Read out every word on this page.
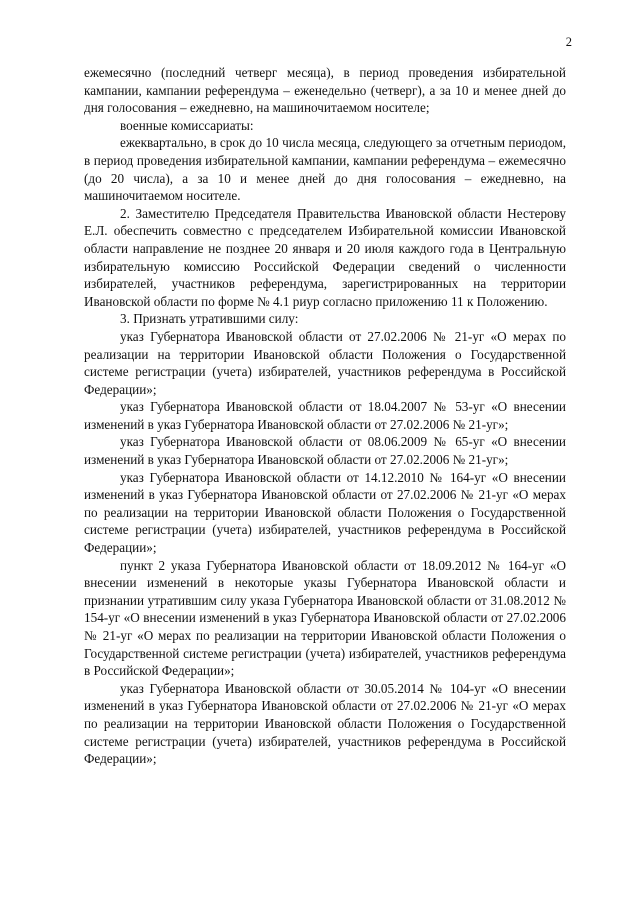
2

ежемесячно (последний четверг месяца), в период проведения избирательной кампании, кампании референдума – еженедельно (четверг), а за 10 и менее дней до дня голосования – ежедневно, на машиночитаемом носителе;

военные комиссариаты:

ежеквартально, в срок до 10 числа месяца, следующего за отчетным периодом, в период проведения избирательной кампании, кампании референдума – ежемесячно (до 20 числа), а за 10 и менее дней до дня голосования – ежедневно, на машиночитаемом носителе.

2. Заместителю Председателя Правительства Ивановской области Нестерову Е.Л. обеспечить совместно с председателем Избирательной комиссии Ивановской области направление не позднее 20 января и 20 июля каждого года в Центральную избирательную комиссию Российской Федерации сведений о численности избирателей, участников референдума, зарегистрированных на территории Ивановской области по форме № 4.1 риур согласно приложению 11 к Положению.

3. Признать утратившими силу:

указ Губернатора Ивановской области от 27.02.2006 № 21-уг «О мерах по реализации на территории Ивановской области Положения о Государственной системе регистрации (учета) избирателей, участников референдума в Российской Федерации»;

указ Губернатора Ивановской области от 18.04.2007 № 53-уг «О внесении изменений в указ Губернатора Ивановской области от 27.02.2006 № 21-уг»;

указ Губернатора Ивановской области от 08.06.2009 № 65-уг «О внесении изменений в указ Губернатора Ивановской области от 27.02.2006 № 21-уг»;

указ Губернатора Ивановской области от 14.12.2010 № 164-уг «О внесении изменений в указ Губернатора Ивановской области от 27.02.2006 № 21-уг «О мерах по реализации на территории Ивановской области Положения о Государственной системе регистрации (учета) избирателей, участников референдума в Российской Федерации»;

пункт 2 указа Губернатора Ивановской области от 18.09.2012 № 164-уг «О внесении изменений в некоторые указы Губернатора Ивановской области и признании утратившим силу указа Губернатора Ивановской области от 31.08.2012 № 154-уг «О внесении изменений в указ Губернатора Ивановской области от 27.02.2006 № 21-уг «О мерах по реализации на территории Ивановской области Положения о Государственной системе регистрации (учета) избирателей, участников референдума в Российской Федерации»;

указ Губернатора Ивановской области от 30.05.2014 № 104-уг «О внесении изменений в указ Губернатора Ивановской области от 27.02.2006 № 21-уг «О мерах по реализации на территории Ивановской области Положения о Государственной системе регистрации (учета) избирателей, участников референдума в Российской Федерации»;
